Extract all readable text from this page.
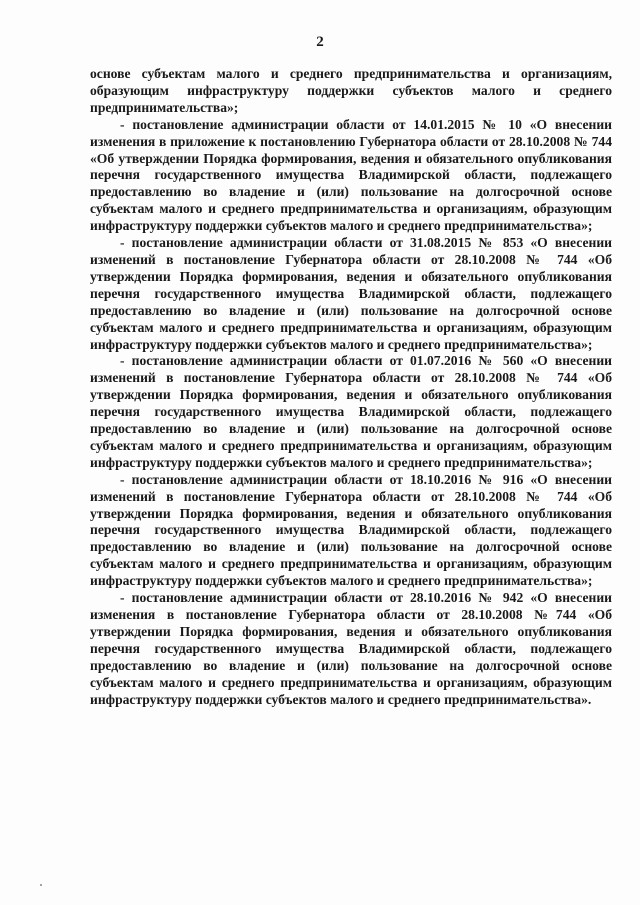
2

основе субъектам малого и среднего предпринимательства и организациям, образующим инфраструктуру поддержки субъектов малого и среднего предпринимательства»;

- постановление администрации области от 14.01.2015 № 10 «О внесении изменения в приложение к постановлению Губернатора области от 28.10.2008 № 744 «Об утверждении Порядка формирования, ведения и обязательного опубликования перечня государственного имущества Владимирской области, подлежащего предоставлению во владение и (или) пользование на долгосрочной основе субъектам малого и среднего предпринимательства и организациям, образующим инфраструктуру поддержки субъектов малого и среднего предпринимательства»;

- постановление администрации области от 31.08.2015 № 853 «О внесении изменений в постановление Губернатора области от 28.10.2008 № 744 «Об утверждении Порядка формирования, ведения и обязательного опубликования перечня государственного имущества Владимирской области, подлежащего предоставлению во владение и (или) пользование на долгосрочной основе субъектам малого и среднего предпринимательства и организациям, образующим инфраструктуру поддержки субъектов малого и среднего предпринимательства»;

- постановление администрации области от 01.07.2016 № 560 «О внесении изменений в постановление Губернатора области от 28.10.2008 № 744 «Об утверждении Порядка формирования, ведения и обязательного опубликования перечня государственного имущества Владимирской области, подлежащего предоставлению во владение и (или) пользование на долгосрочной основе субъектам малого и среднего предпринимательства и организациям, образующим инфраструктуру поддержки субъектов малого и среднего предпринимательства»;

- постановление администрации области от 18.10.2016 № 916 «О внесении изменений в постановление Губернатора области от 28.10.2008 № 744 «Об утверждении Порядка формирования, ведения и обязательного опубликования перечня государственного имущества Владимирской области, подлежащего предоставлению во владение и (или) пользование на долгосрочной основе субъектам малого и среднего предпринимательства и организациям, образующим инфраструктуру поддержки субъектов малого и среднего предпринимательства»;

- постановление администрации области от 28.10.2016 № 942 «О внесении изменения в постановление Губернатора области от 28.10.2008 №744 «Об утверждении Порядка формирования, ведения и обязательного опубликования перечня государственного имущества Владимирской области, подлежащего предоставлению во владение и (или) пользование на долгосрочной основе субъектам малого и среднего предпринимательства и организациям, образующим инфраструктуру поддержки субъектов малого и среднего предпринимательства».
